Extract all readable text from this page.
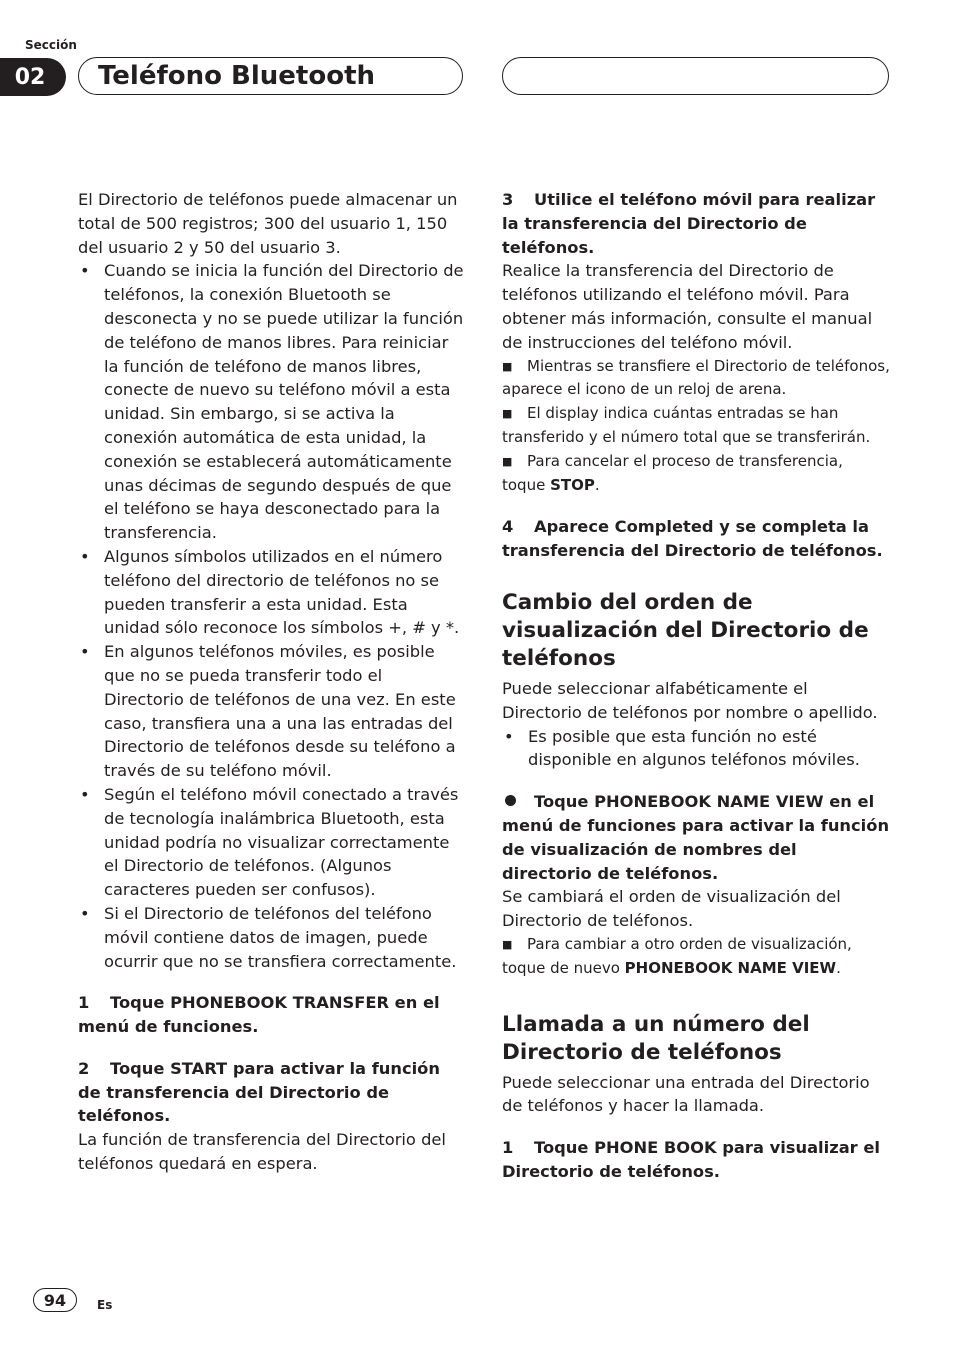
Sección
02	Teléfono Bluetooth

El Directorio de teléfonos puede almacenar un total de 500 registros; 300 del usuario 1, 150 del usuario 2 y 50 del usuario 3.

• Cuando se inicia la función del Directorio de teléfonos, la conexión Bluetooth se desconecta y no se puede utilizar la función de teléfono de manos libres. Para reiniciar la función de teléfono de manos libres, conecte de nuevo su teléfono móvil a esta unidad. Sin embargo, si se activa la conexión automática de esta unidad, la conexión se establecerá automáticamente unas décimas de segundo después de que el teléfono se haya desconectado para la transferencia.
• Algunos símbolos utilizados en el número teléfono del directorio de teléfonos no se pueden transferir a esta unidad. Esta unidad sólo reconoce los símbolos +, # y *.
• En algunos teléfonos móviles, es posible que no se pueda transferir todo el Directorio de teléfonos de una vez. En este caso, transfiera una a una las entradas del Directorio de teléfonos desde su teléfono a través de su teléfono móvil.
• Según el teléfono móvil conectado a través de tecnología inalámbrica Bluetooth, esta unidad podría no visualizar correctamente el Directorio de teléfonos. (Algunos caracteres pueden ser confusos).
• Si el Directorio de teléfonos del teléfono móvil contiene datos de imagen, puede ocurrir que no se transfiera correctamente.
1 Toque PHONEBOOK TRANSFER en el menú de funciones.
2 Toque START para activar la función de transferencia del Directorio de teléfonos.

La función de transferencia del Directorio del teléfonos quedará en espera.

3 Utilice el teléfono móvil para realizar la transferencia del Directorio de teléfonos.

Realice la transferencia del Directorio de teléfonos utilizando el teléfono móvil. Para obtener más información, consulte el manual de instrucciones del teléfono móvil.

■ Mientras se transfiere el Directorio de teléfonos, aparece el icono de un reloj de arena.
■ El display indica cuántas entradas se han transferido y el número total que se transferirán.
■ Para cancelar el proceso de transferencia, toque STOP.
4 Aparece Completed y se completa la transferencia del Directorio de teléfonos.
Cambio del orden de visualización del Directorio de teléfonos

Puede seleccionar alfabéticamente el Directorio de teléfonos por nombre o apellido.

• Es posible que esta función no esté disponible en algunos teléfonos móviles.
Toque PHONEBOOK NAME VIEW en el menú de funciones para activar la función de visualización de nombres del directorio de teléfonos.

Se cambiará el orden de visualización del Directorio de teléfonos.

■ Para cambiar a otro orden de visualización, toque de nuevo PHONEBOOK NAME VIEW.
Llamada a un número del Directorio de teléfonos

Puede seleccionar una entrada del Directorio de teléfonos y hacer la llamada.

1 Toque PHONE BOOK para visualizar el Directorio de teléfonos.
94	Es
